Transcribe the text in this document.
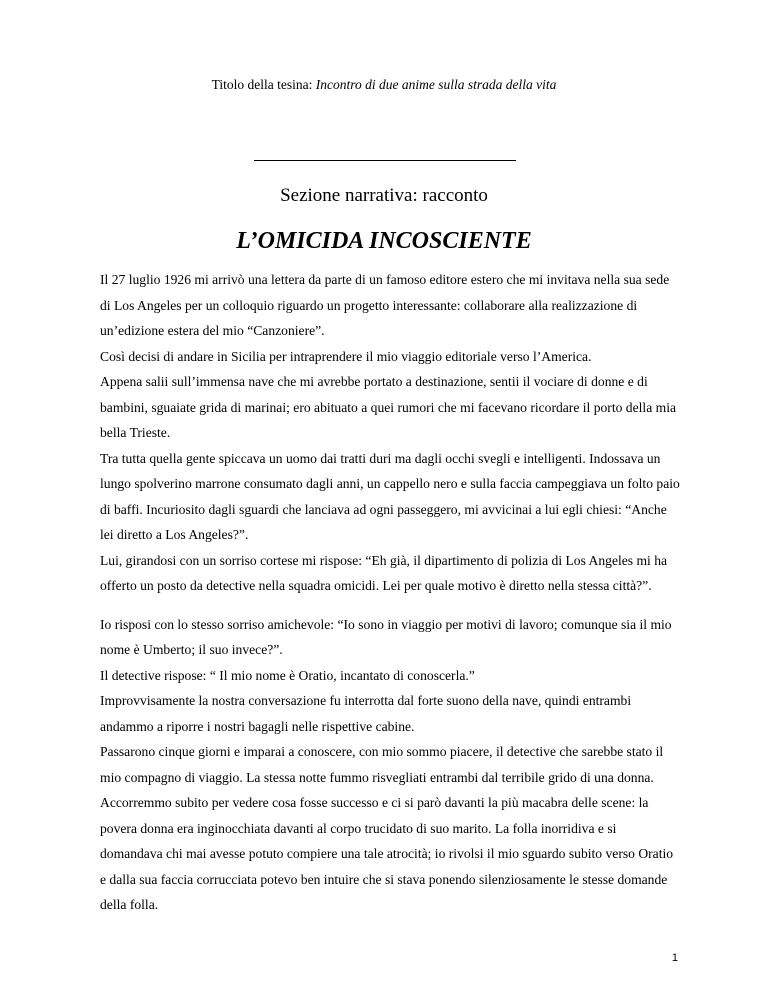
Titolo della tesina: Incontro di due anime sulla strada della vita
Sezione narrativa: racconto
L’OMICIDA INCOSCIENTE

Il 27 luglio 1926 mi arrivò una lettera da parte di un famoso editore estero che mi invitava nella sua sede di Los Angeles per un colloquio riguardo un progetto interessante: collaborare alla realizzazione di un’edizione estera del mio “Canzoniere”.

Così decisi di andare in Sicilia per intraprendere il mio viaggio editoriale verso l’America.

Appena salii sull’immensa nave che mi avrebbe portato a destinazione, sentii il vociare di donne e di bambini, sguaiate grida di marinai; ero abituato a quei rumori che mi facevano ricordare il porto della mia bella Trieste.

Tra tutta quella gente spiccava un uomo dai tratti duri ma dagli occhi svegli e intelligenti. Indossava un lungo spolverino marrone consumato dagli anni, un cappello nero e sulla faccia campeggiava un folto paio di baffi. Incuriosito dagli sguardi che lanciava ad ogni passeggero, mi avvicinai a lui egli chiesi: “Anche lei diretto a Los Angeles?”.

Lui, girandosi con un sorriso cortese mi rispose: “Eh già, il dipartimento di polizia di Los Angeles mi ha offerto un posto da detective nella squadra omicidi. Lei per quale motivo è diretto nella stessa città?”.

Io risposi con lo stesso sorriso amichevole: “Io sono in viaggio per motivi di lavoro; comunque sia il mio nome è Umberto; il suo invece?”.

Il detective rispose: “ Il mio nome è Oratio, incantato di conoscerla.”

Improvvisamente la nostra conversazione fu interrotta dal forte suono della nave, quindi entrambi andammo a riporre i nostri bagagli nelle rispettive cabine.

Passarono cinque giorni e imparai a conoscere, con mio sommo piacere, il detective che sarebbe stato il mio compagno di viaggio. La stessa notte fummo risvegliati entrambi dal terribile grido di una donna. Accorremmo subito per vedere cosa fosse successo e ci si parò davanti la più macabra delle scene: la povera donna era inginocchiata davanti al corpo trucidato di suo marito. La folla inorridiva e si domandava chi mai avesse potuto compiere una tale atrocità; io rivolsi il mio sguardo subito verso Oratio e dalla sua faccia corrucciata potevo ben intuire che si stava ponendo silenziosamente le stesse domande della folla.

1
